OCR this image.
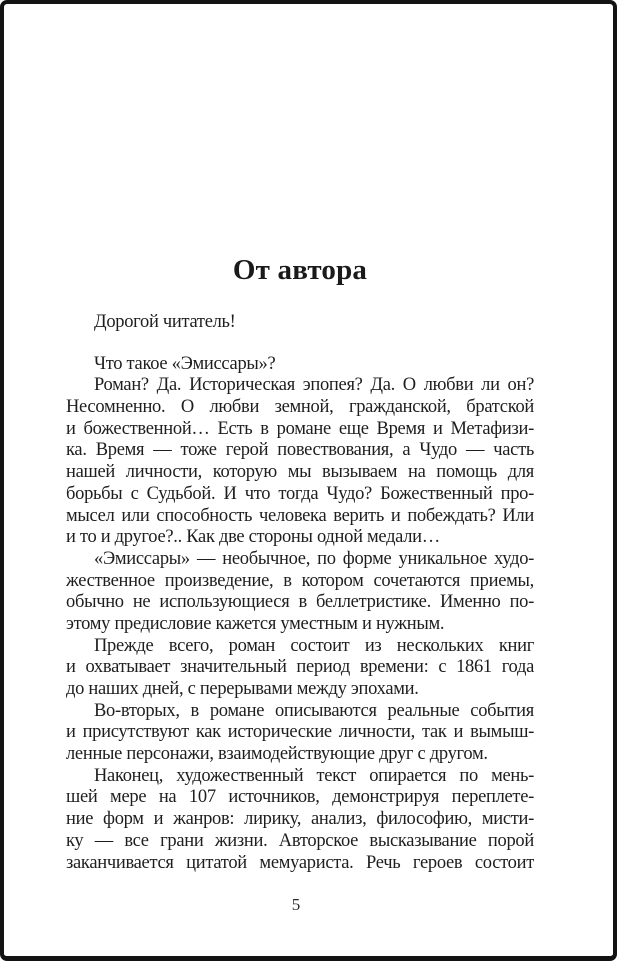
От автора
Дорогой читатель!
Что такое «Эмиссары»?
Роман? Да. Историческая эпопея? Да. О любви ли он?
Несомненно. О любви земной, гражданской, братской
и божественной… Есть в романе еще Время и Метафизи-
ка. Время — тоже герой повествования, а Чудо — часть
нашей личности, которую мы вызываем на помощь для
борьбы с Судьбой. И что тогда Чудо? Божественный про-
мысел или способность человека верить и побеждать? Или
и то и другое?.. Как две стороны одной медали…
«Эмиссары» — необычное, по форме уникальное худо-
жественное произведение, в котором сочетаются приемы,
обычно не использующиеся в беллетристике. Именно по-
этому предисловие кажется уместным и нужным.
Прежде всего, роман состоит из нескольких книг
и охватывает значительный период времени: с 1861 года
до наших дней, с перерывами между эпохами.
Во-вторых, в романе описываются реальные события
и присутствуют как исторические личности, так и вымыш-
ленные персонажи, взаимодействующие друг с другом.
Наконец, художественный текст опирается по мень-
шей мере на 107 источников, демонстрируя переплете-
ние форм и жанров: лирику, анализ, философию, мисти-
ку — все грани жизни. Авторское высказывание порой
заканчивается цитатой мемуариста. Речь героев состоит
5
